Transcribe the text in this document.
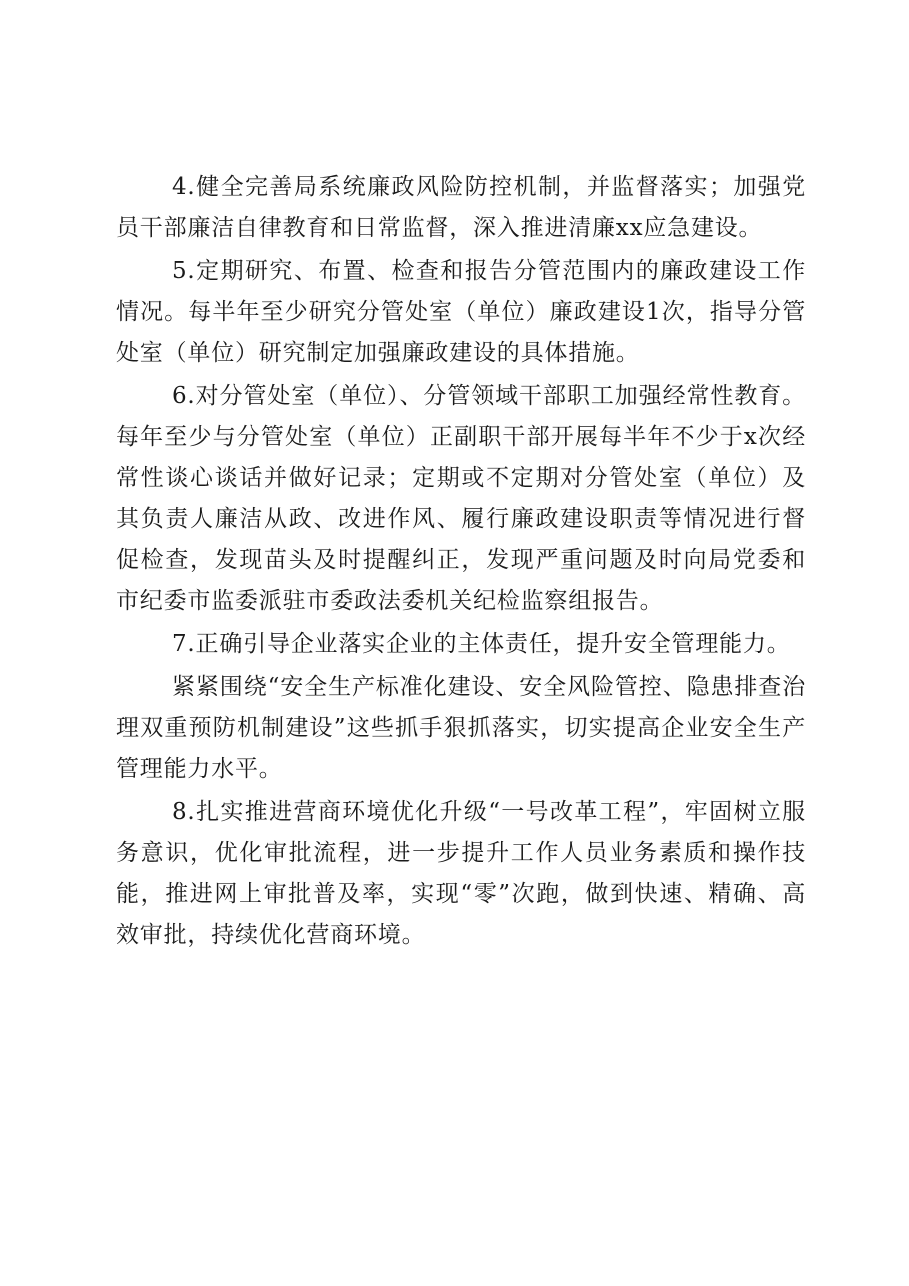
4.健全完善局系统廉政风险防控机制，并监督落实；加强党员干部廉洁自律教育和日常监督，深入推进清廉xx应急建设。

5.定期研究、布置、检查和报告分管范围内的廉政建设工作情况。每半年至少研究分管处室（单位）廉政建设1次，指导分管处室（单位）研究制定加强廉政建设的具体措施。

6.对分管处室（单位）、分管领域干部职工加强经常性教育。每年至少与分管处室（单位）正副职干部开展每半年不少于x次经常性谈心谈话并做好记录；定期或不定期对分管处室（单位）及其负责人廉洁从政、改进作风、履行廉政建设职责等情况进行督促检查，发现苗头及时提醒纠正，发现严重问题及时向局党委和市纪委市监委派驻市委政法委机关纪检监察组报告。

7.正确引导企业落实企业的主体责任，提升安全管理能力。

紧紧围绕“安全生产标准化建设、安全风险管控、隐患排查治理双重预防机制建设”这些抓手狠抓落实，切实提高企业安全生产管理能力水平。

8.扎实推进营商环境优化升级“一号改革工程”，牢固树立服务意识，优化审批流程，进一步提升工作人员业务素质和操作技能，推进网上审批普及率，实现“零”次跑，做到快速、精确、高效审批，持续优化营商环境。
